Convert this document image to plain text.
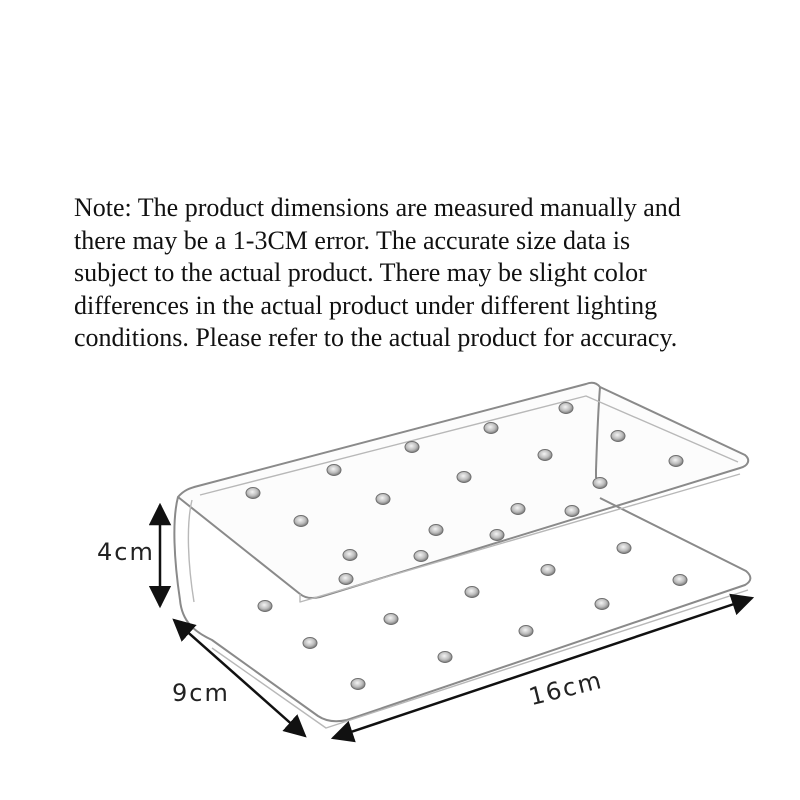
Note: The product dimensions are measured manually and
there may be a 1-3CM error. The accurate size data is
subject to the actual product. There may be slight color
differences in the actual product under different lighting
conditions. Please refer to the actual product for accuracy.

4cm
9cm	16cm
